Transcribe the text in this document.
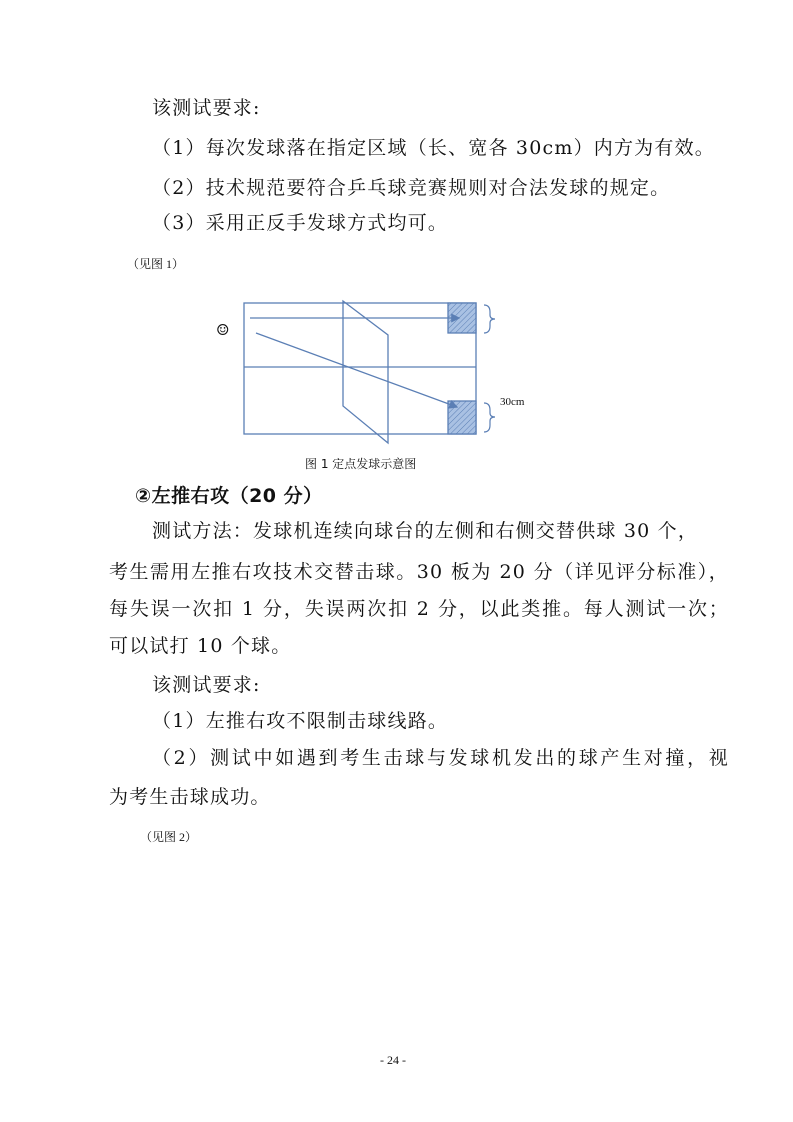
该测试要求:
（1）每次发球落在指定区域（长、宽各 30cm）内方为有效。
（2）技术规范要符合乒乓球竞赛规则对合法发球的规定。
（3）采用正反手发球方式均可。
（见图 1）
☺
30cm
图 1 定点发球示意图
②左推右攻（20 分）
测试方法：发球机连续向球台的左侧和右侧交替供球 30 个，
考生需用左推右攻技术交替击球。30 板为 20 分（详见评分标准），
每失误一次扣 1 分，失误两次扣 2 分，以此类推。每人测试一次；
可以试打 10 个球。
该测试要求:
（1）左推右攻不限制击球线路。
（2）测试中如遇到考生击球与发球机发出的球产生对撞，视
为考生击球成功。
（见图 2）
- 24 -
